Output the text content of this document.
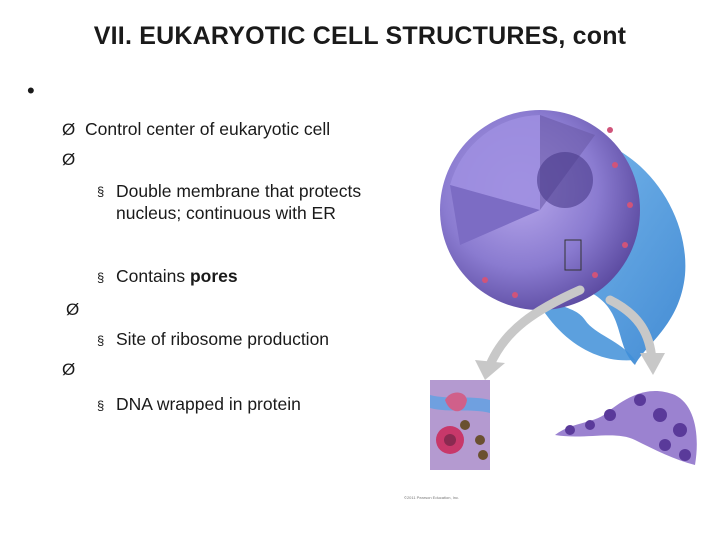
VII. EUKARYOTIC CELL STRUCTURES, cont
•
Ø Control center of eukaryotic cell
Ø
§ Double membrane that protects nucleus; continuous with ER
§ Contains pores
Ø
§ Site of ribosome production
Ø
§ DNA wrapped in protein
©2011 Pearson Education, Inc.
